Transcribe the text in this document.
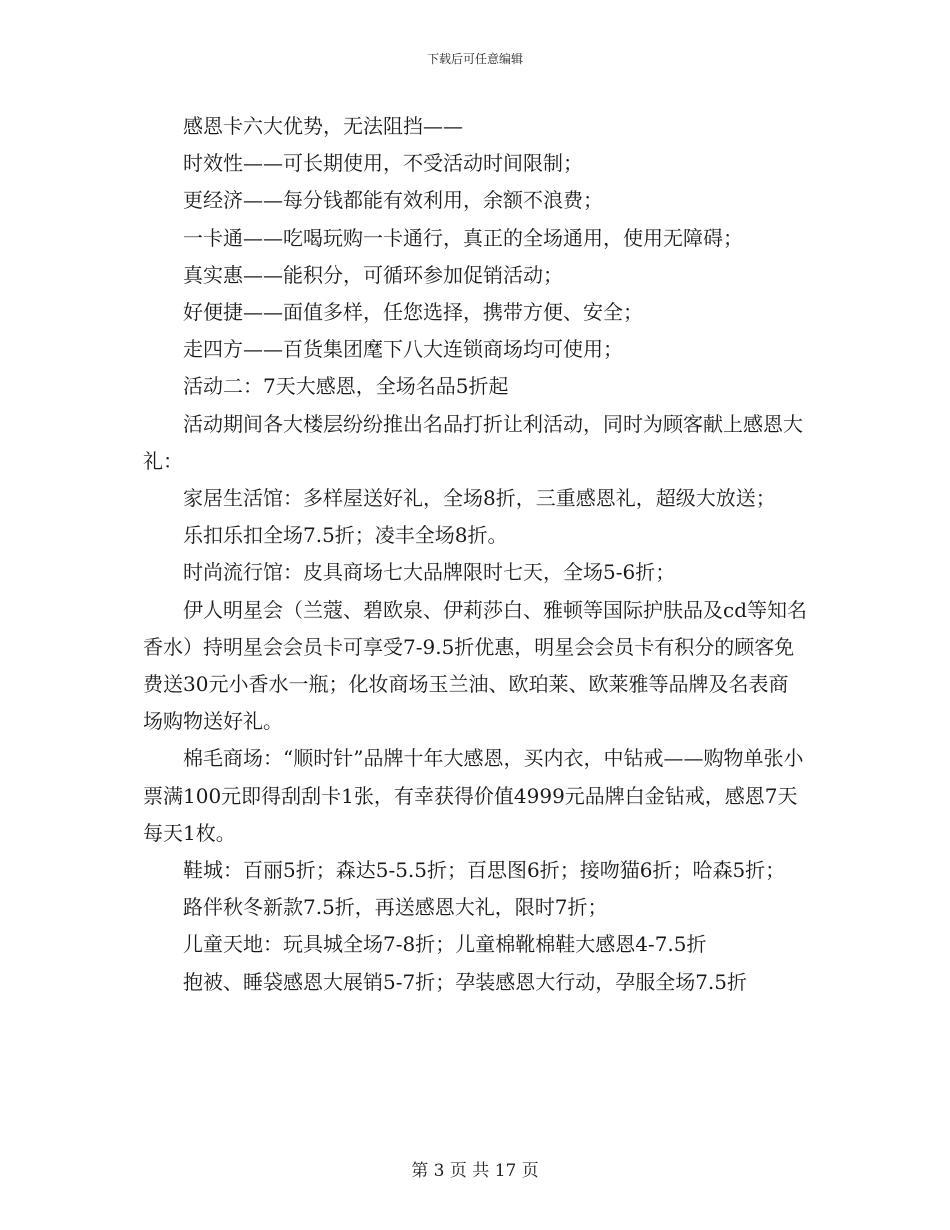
下载后可任意编辑

感恩卡六大优势，无法阻挡——

时效性——可长期使用，不受活动时间限制；

更经济——每分钱都能有效利用，余额不浪费；

一卡通——吃喝玩购一卡通行，真正的全场通用，使用无障碍；

真实惠——能积分，可循环参加促销活动；

好便捷——面值多样，任您选择，携带方便、安全；

走四方——百货集团麾下八大连锁商场均可使用；

活动二：7天大感恩，全场名品5折起

活动期间各大楼层纷纷推出名品打折让利活动，同时为顾客献上感恩大礼：

家居生活馆：多样屋送好礼，全场8折，三重感恩礼，超级大放送；

乐扣乐扣全场7.5折；凌丰全场8折。

时尚流行馆：皮具商场七大品牌限时七天，全场5-6折；

伊人明星会（兰蔻、碧欧泉、伊莉莎白、雅顿等国际护肤品及cd等知名香水）持明星会会员卡可享受7-9.5折优惠，明星会会员卡有积分的顾客免费送30元小香水一瓶；化妆商场玉兰油、欧珀莱、欧莱雅等品牌及名表商场购物送好礼。

棉毛商场：“顺时针”品牌十年大感恩，买内衣，中钻戒——购物单张小票满100元即得刮刮卡1张，有幸获得价值4999元品牌白金钻戒，感恩7天每天1枚。

鞋城：百丽5折；森达5-5.5折；百思图6折；接吻猫6折；哈森5折；

路伴秋冬新款7.5折，再送感恩大礼，限时7折；

儿童天地：玩具城全场7-8折；儿童棉靴棉鞋大感恩4-7.5折

抱被、睡袋感恩大展销5-7折；孕装感恩大行动，孕服全场7.5折

第 3 页 共 17 页
